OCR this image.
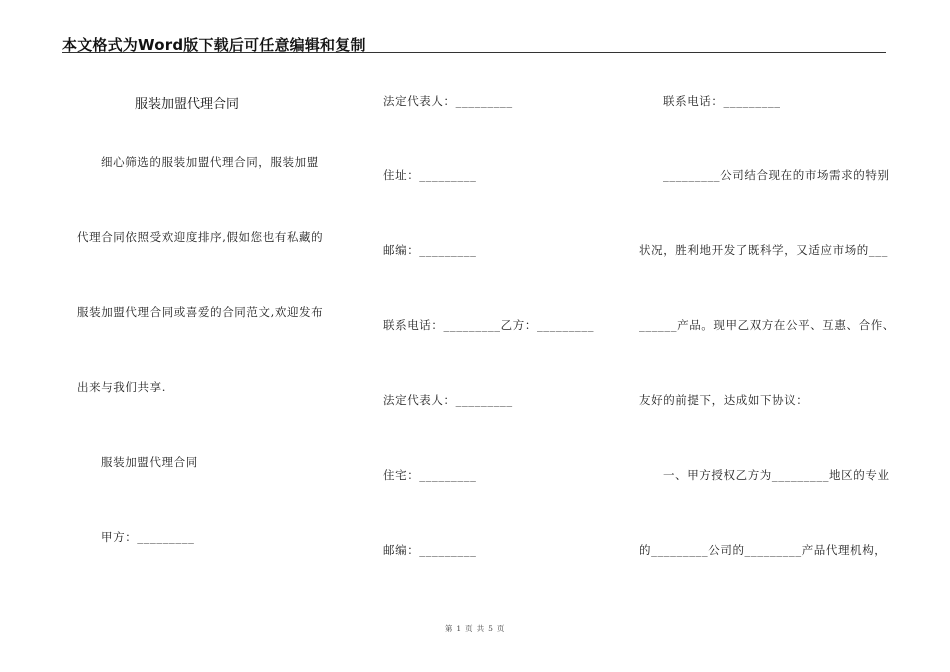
本文格式为Word版下载后可任意编辑和复制
服装加盟代理合同
细心筛选的服装加盟代理合同，服装加盟
代理合同依照受欢迎度排序,假如您也有私藏的
服装加盟代理合同或喜爱的合同范文,欢迎发布
出来与我们共享.
服装加盟代理合同
甲方：_________
法定代表人：_________
住址：_________
邮编：_________
联系电话：_________乙方：_________
法定代表人：_________
住宅：_________
邮编：_________
联系电话：_________
_________公司结合现在的市场需求的特别
状况，胜利地开发了既科学，又适应市场的___
______产品。现甲乙双方在公平、互惠、合作、
友好的前提下，达成如下协议：
一、甲方授权乙方为_________地区的专业
的_________公司的_________产品代理机构，
第 1 页 共 5 页
